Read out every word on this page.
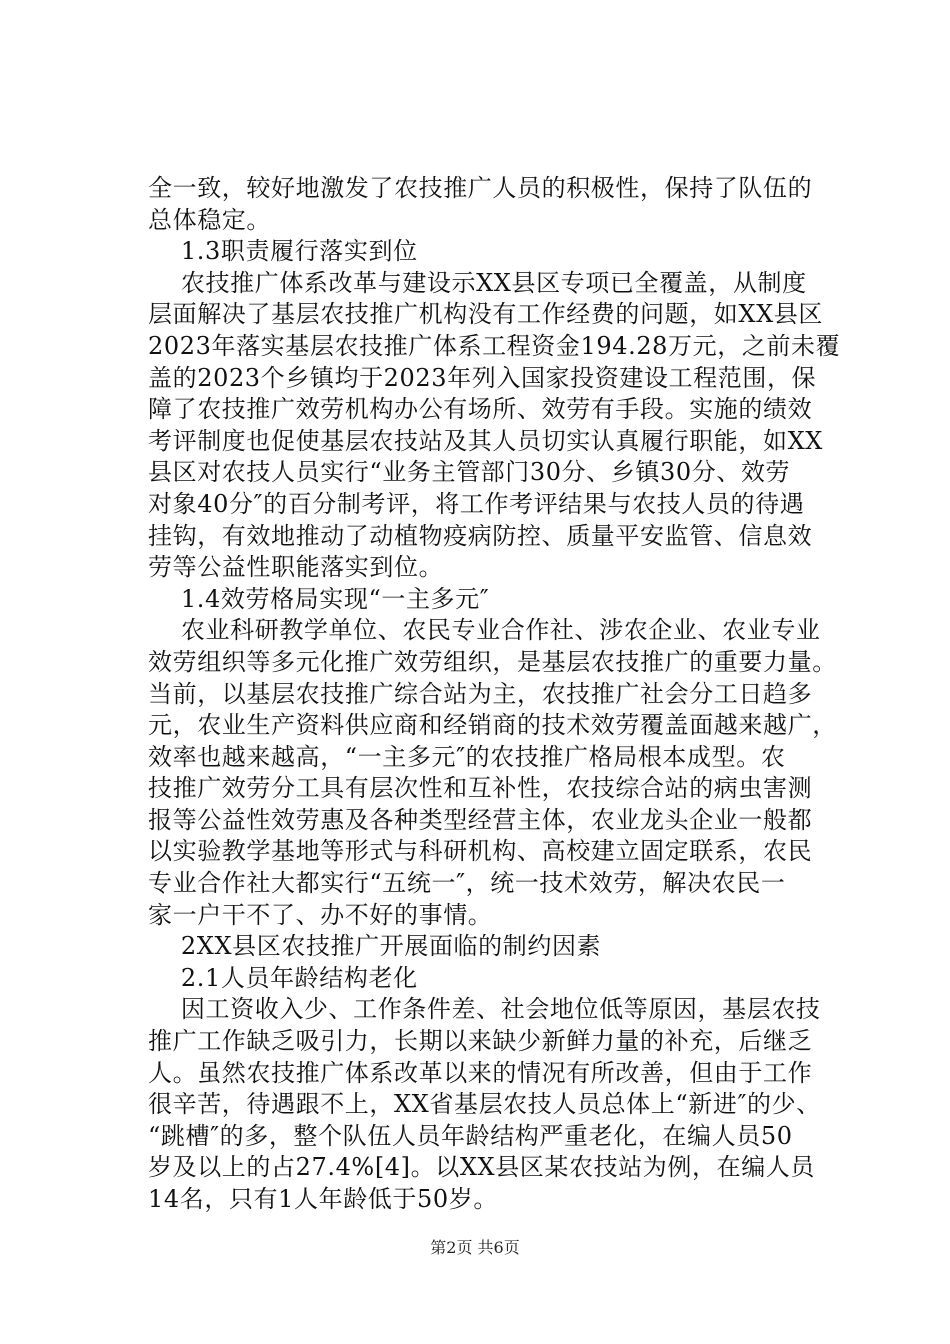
全一致，较好地激发了农技推广人员的积极性，保持了队伍的
总体稳定。
1.3职责履行落实到位
农技推广体系改革与建设示XX县区专项已全覆盖，从制度
层面解决了基层农技推广机构没有工作经费的问题，如XX县区
2023年落实基层农技推广体系工程资金194.28万元，之前未覆
盖的2023个乡镇均于2023年列入国家投资建设工程范围，保
障了农技推广效劳机构办公有场所、效劳有手段。实施的绩效
考评制度也促使基层农技站及其人员切实认真履行职能，如XX
县区对农技人员实行“业务主管部门30分、乡镇30分、效劳
对象40分″的百分制考评，将工作考评结果与农技人员的待遇
挂钩，有效地推动了动植物疫病防控、质量平安监管、信息效
劳等公益性职能落实到位。
1.4效劳格局实现“一主多元″
农业科研教学单位、农民专业合作社、涉农企业、农业专业
效劳组织等多元化推广效劳组织，是基层农技推广的重要力量。
当前，以基层农技推广综合站为主，农技推广社会分工日趋多
元，农业生产资料供应商和经销商的技术效劳覆盖面越来越广，
效率也越来越高，“一主多元″的农技推广格局根本成型。农
技推广效劳分工具有层次性和互补性，农技综合站的病虫害测
报等公益性效劳惠及各种类型经营主体，农业龙头企业一般都
以实验教学基地等形式与科研机构、高校建立固定联系，农民
专业合作社大都实行“五统一″，统一技术效劳，解决农民一
家一户干不了、办不好的事情。
2XX县区农技推广开展面临的制约因素
2.1人员年龄结构老化
因工资收入少、工作条件差、社会地位低等原因，基层农技
推广工作缺乏吸引力，长期以来缺少新鲜力量的补充，后继乏
人。虽然农技推广体系改革以来的情况有所改善，但由于工作
很辛苦，待遇跟不上，XX省基层农技人员总体上“新进″的少、
“跳槽″的多，整个队伍人员年龄结构严重老化，在编人员50
岁及以上的占27.4%[4]。以XX县区某农技站为例，在编人员
14名，只有1人年龄低于50岁。
第2页 共6页
